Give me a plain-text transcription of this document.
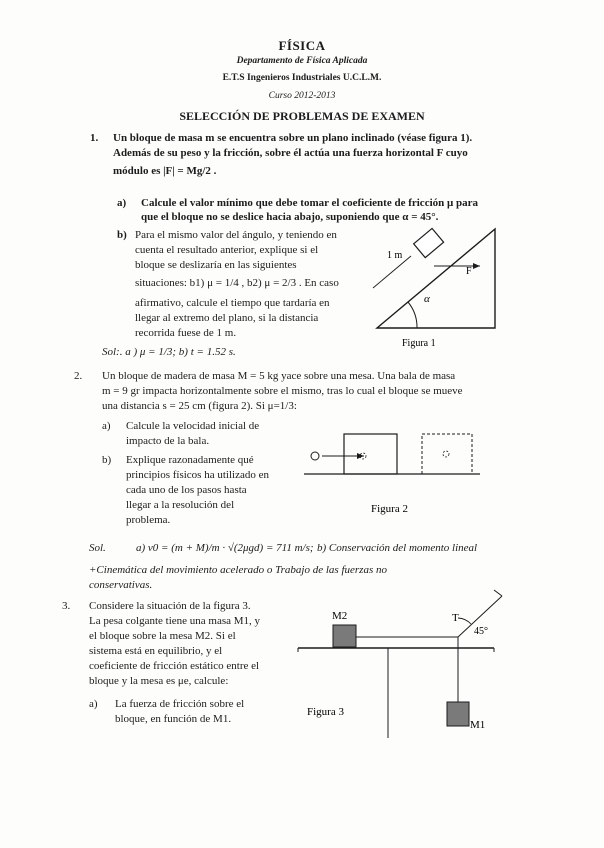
FÍSICA
Departamento de Física Aplicada
E.T.S Ingenieros Industriales U.C.L.M.
Curso 2012-2013
SELECCIÓN DE PROBLEMAS DE EXAMEN
1. Un bloque de masa m se encuentra sobre un plano inclinado (véase figura 1).
Además de su peso y la fricción, sobre él actúa una fuerza horizontal F cuyo
módulo es |F| = Mg/2 .
a) Calcule el valor mínimo que debe tomar el coeficiente de fricción μ para
que el bloque no se deslice hacia abajo, suponiendo que α = 45°.
b) Para el mismo valor del ángulo, y teniendo en
cuenta el resultado anterior, explique si el
bloque se deslizaría en las siguientes
situaciones: b1) μ = 1/4 , b2) μ = 2/3 . En caso
afirmativo, calcule el tiempo que tardaría en
llegar al extremo del plano, si la distancia
recorrida fuese de 1 m.
Sol:. a ) μ = 1/3; b) t = 1.52 s.
1 m
F
α
Figura 1
2. Un bloque de madera de masa M = 5 kg yace sobre una mesa. Una bala de masa
m = 9 gr impacta horizontalmente sobre el mismo, tras lo cual el bloque se mueve
una distancia s = 25 cm (figura 2). Si μ=1/3:
a) Calcule la velocidad inicial de
impacto de la bala.
b) Explique razonadamente qué
principios físicos ha utilizado en
cada uno de los pasos hasta
llegar a la resolución del
problema.
Figura 2
Sol.	a) v0 = (m + M)/m · √(2μgd) = 711 m/s; b) Conservación del momento lineal
+Cinemática del movimiento acelerado o Trabajo de las fuerzas no
conservativas.
3. Considere la situación de la figura 3.
La pesa colgante tiene una masa M1, y
el bloque sobre la mesa M2. Si el
sistema está en equilibrio, y el
coeficiente de fricción estático entre el
bloque y la mesa es μe, calcule:
a) La fuerza de fricción sobre el
bloque, en función de M1.
M2	T
45°
M1
Figura 3
